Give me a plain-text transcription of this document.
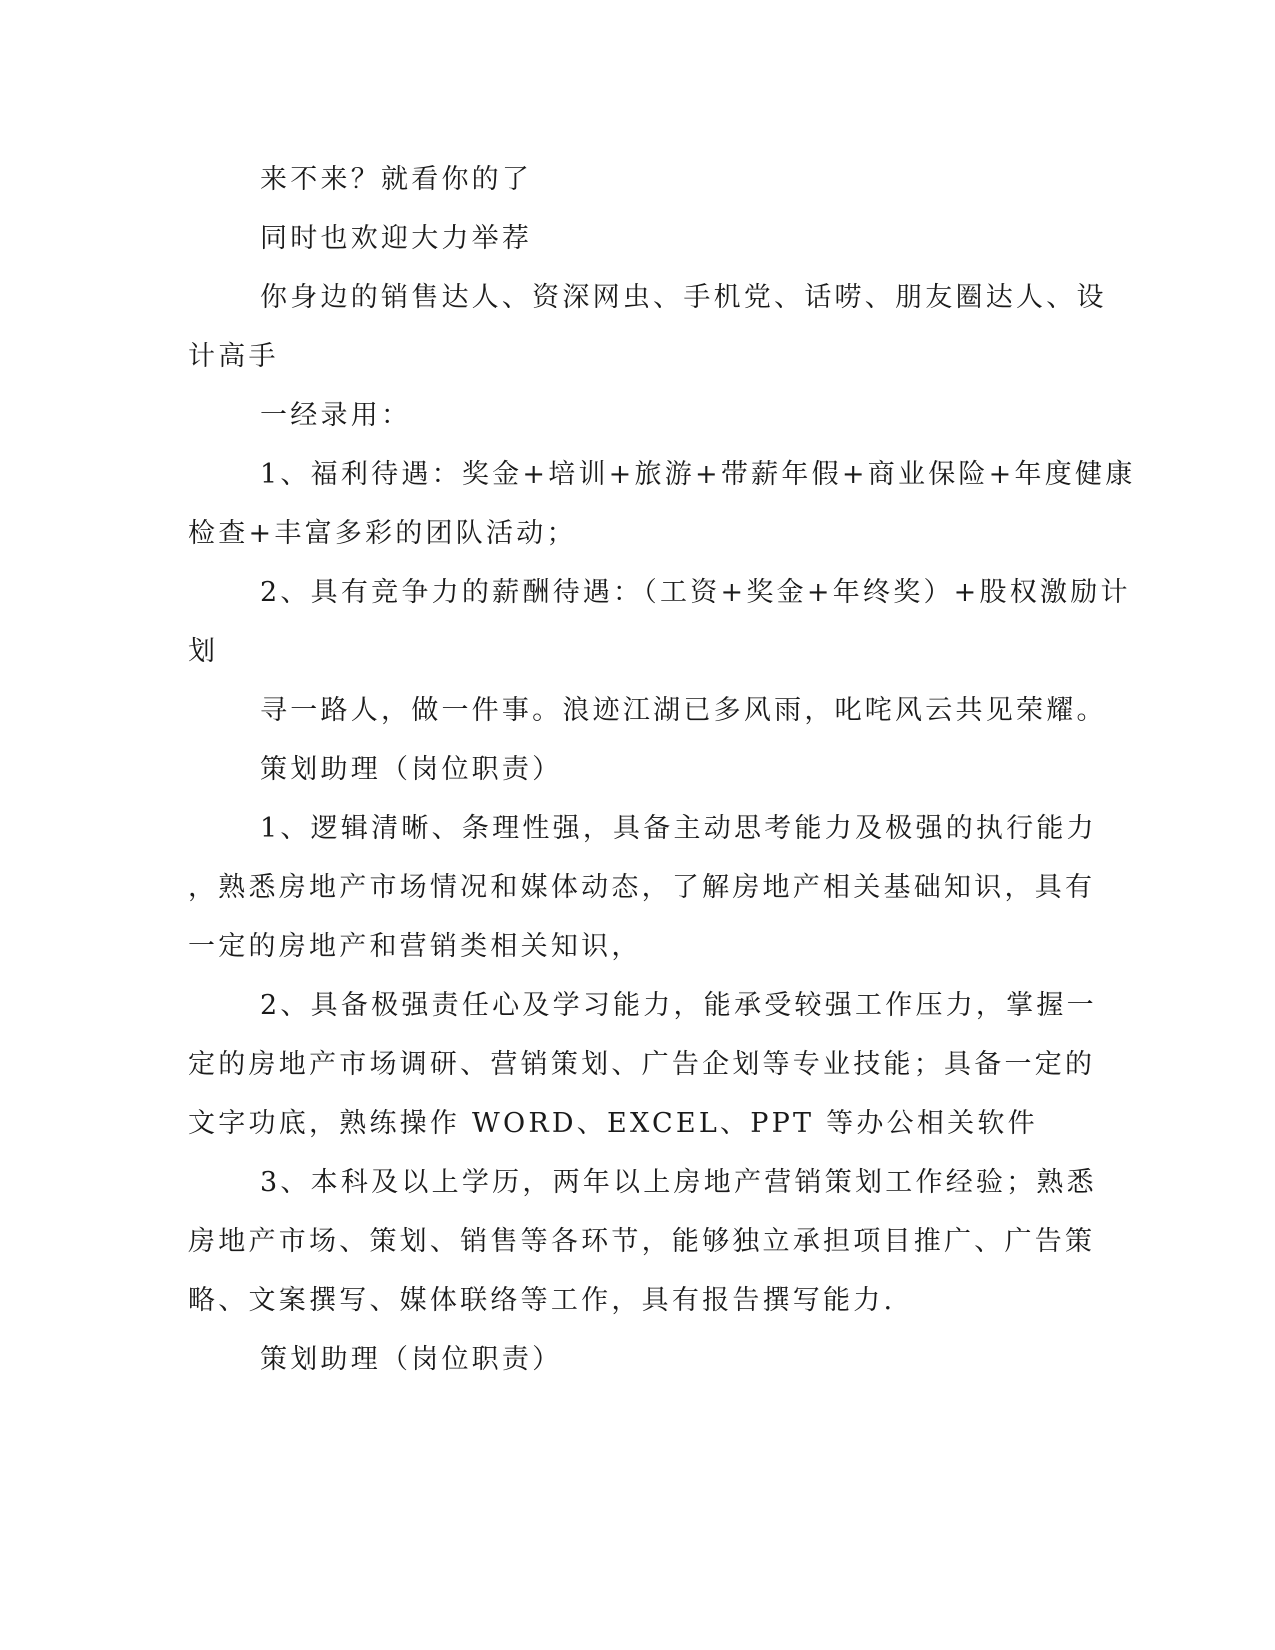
来不来？就看你的了
同时也欢迎大力举荐
你身边的销售达人、资深网虫、手机党、话唠、朋友圈达人、设
计高手
一经录用：
1、福利待遇：奖金+培训+旅游+带薪年假+商业保险+年度健康
检查+丰富多彩的团队活动；
2、具有竞争力的薪酬待遇：（工资+奖金+年终奖）+股权激励计
划
寻一路人，做一件事。浪迹江湖已多风雨，叱咤风云共见荣耀。
策划助理（岗位职责）
1、逻辑清晰、条理性强，具备主动思考能力及极强的执行能力
，熟悉房地产市场情况和媒体动态，了解房地产相关基础知识，具有
一定的房地产和营销类相关知识，
2、具备极强责任心及学习能力，能承受较强工作压力，掌握一
定的房地产市场调研、营销策划、广告企划等专业技能；具备一定的
文字功底，熟练操作 WORD、EXCEL、PPT 等办公相关软件
3、本科及以上学历，两年以上房地产营销策划工作经验；熟悉
房地产市场、策划、销售等各环节，能够独立承担项目推广、广告策
略、文案撰写、媒体联络等工作，具有报告撰写能力.
策划助理（岗位职责）
